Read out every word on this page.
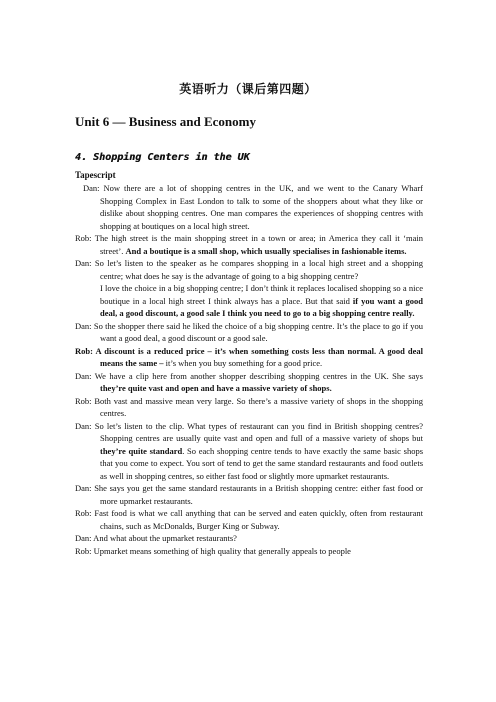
英语听力（课后第四题）
Unit 6 — Business and Economy
4. Shopping Centers in the UK
Tapescript

Dan: Now there are a lot of shopping centres in the UK, and we went to the Canary Wharf Shopping Complex in East London to talk to some of the shoppers about what they like or dislike about shopping centres. One man compares the experiences of shopping centres with shopping at boutiques on a local high street.

Rob: The high street is the main shopping street in a town or area; in America they call it ‘main street’. And a boutique is a small shop, which usually specialises in fashionable items.

Dan: So let’s listen to the speaker as he compares shopping in a local high street and a shopping centre; what does he say is the advantage of going to a big shopping centre?

I love the choice in a big shopping centre; I don’t think it replaces localised shopping so a nice boutique in a local high street I think always has a place. But that said if you want a good deal, a good discount, a good sale I think you need to go to a big shopping centre really.

Dan: So the shopper there said he liked the choice of a big shopping centre. It’s the place to go if you want a good deal, a good discount or a good sale.

Rob: A discount is a reduced price – it’s when something costs less than normal. A good deal means the same – it’s when you buy something for a good price.

Dan: We have a clip here from another shopper describing shopping centres in the UK. She says they’re quite vast and open and have a massive variety of shops.

Rob: Both vast and massive mean very large. So there’s a massive variety of shops in the shopping centres.

Dan: So let’s listen to the clip. What types of restaurant can you find in British shopping centres? Shopping centres are usually quite vast and open and full of a massive variety of shops but they’re quite standard. So each shopping centre tends to have exactly the same basic shops that you come to expect. You sort of tend to get the same standard restaurants and food outlets as well in shopping centres, so either fast food or slightly more upmarket restaurants.

Dan: She says you get the same standard restaurants in a British shopping centre: either fast food or more upmarket restaurants.

Rob: Fast food is what we call anything that can be served and eaten quickly, often from restaurant chains, such as McDonalds, Burger King or Subway.

Dan: And what about the upmarket restaurants?

Rob: Upmarket means something of high quality that generally appeals to people
